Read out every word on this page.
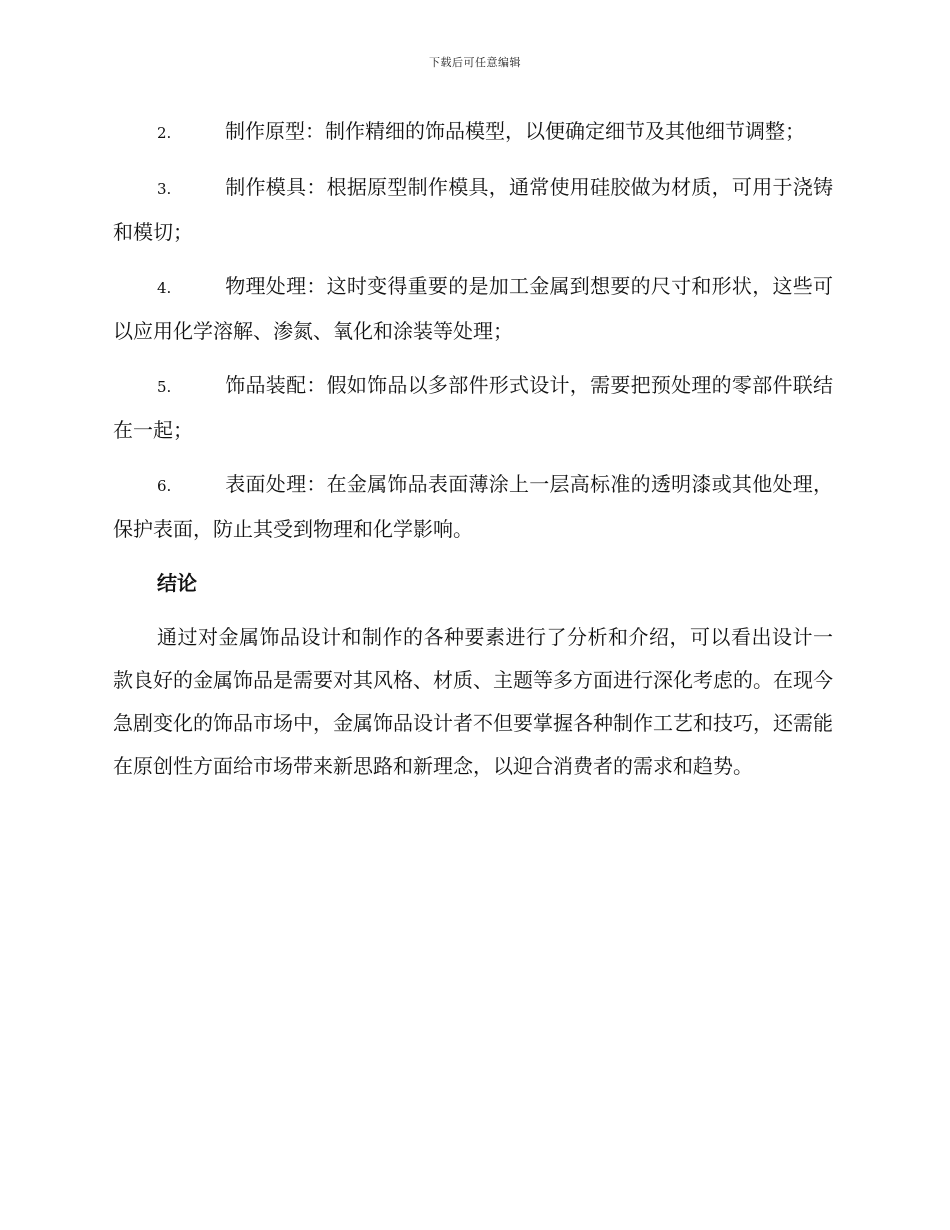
下载后可任意编辑
2.	制作原型：制作精细的饰品模型，以便确定细节及其他细节调整；
3.	制作模具：根据原型制作模具，通常使用硅胶做为材质，可用于浇铸和模切；
4.	物理处理：这时变得重要的是加工金属到想要的尺寸和形状，这些可以应用化学溶解、渗氮、氧化和涂装等处理；
5.	饰品装配：假如饰品以多部件形式设计，需要把预处理的零部件联结在一起；
6.	表面处理：在金属饰品表面薄涂上一层高标准的透明漆或其他处理，保护表面，防止其受到物理和化学影响。
结论

通过对金属饰品设计和制作的各种要素进行了分析和介绍，可以看出设计一款良好的金属饰品是需要对其风格、材质、主题等多方面进行深化考虑的。在现今急剧变化的饰品市场中，金属饰品设计者不但要掌握各种制作工艺和技巧，还需能在原创性方面给市场带来新思路和新理念，以迎合消费者的需求和趋势。
